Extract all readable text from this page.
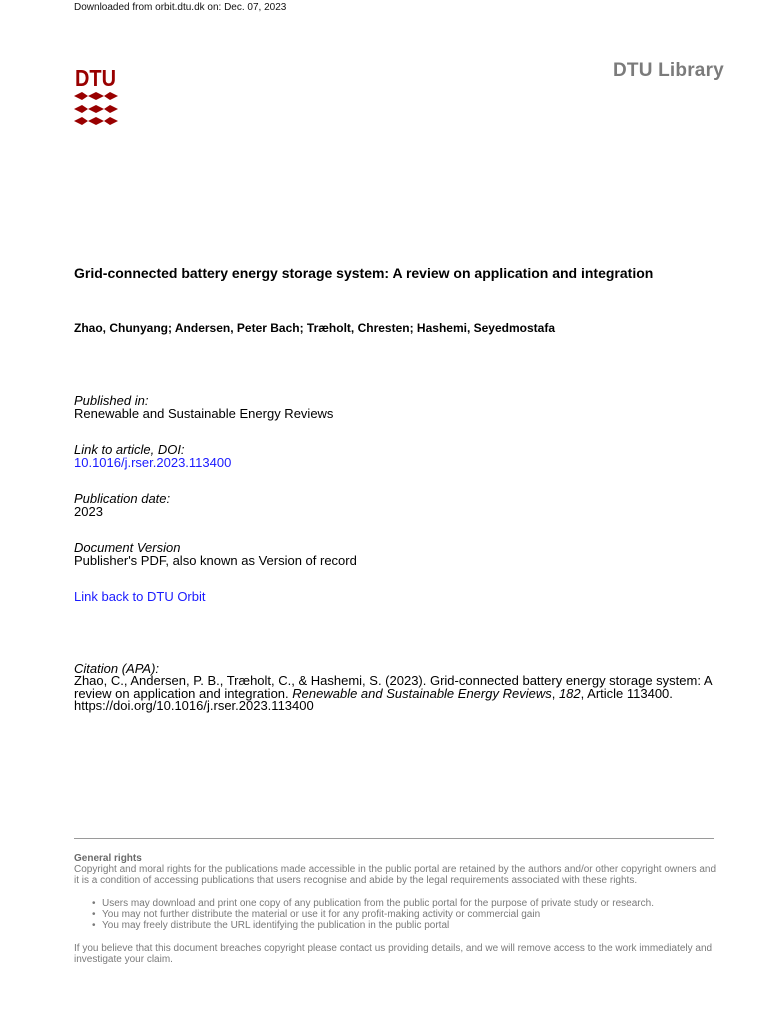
Downloaded from orbit.dtu.dk on: Dec. 07, 2023
DTU	DTU Library
Grid-connected battery energy storage system: A review on application and integration
Zhao, Chunyang; Andersen, Peter Bach; Træholt, Chresten; Hashemi, Seyedmostafa
Published in:
Renewable and Sustainable Energy Reviews
Link to article, DOI:
10.1016/j.rser.2023.113400
Publication date:
2023
Document Version
Publisher's PDF, also known as Version of record
Link back to DTU Orbit
Citation (APA):
Zhao, C., Andersen, P. B., Træholt, C., & Hashemi, S. (2023). Grid-connected battery energy storage system: A review on application and integration. Renewable and Sustainable Energy Reviews, 182, Article 113400. https://doi.org/10.1016/j.rser.2023.113400
General rights
Copyright and moral rights for the publications made accessible in the public portal are retained by the authors and/or other copyright owners and it is a condition of accessing publications that users recognise and abide by the legal requirements associated with these rights.
• Users may download and print one copy of any publication from the public portal for the purpose of private study or research.
• You may not further distribute the material or use it for any profit-making activity or commercial gain
• You may freely distribute the URL identifying the publication in the public portal
If you believe that this document breaches copyright please contact us providing details, and we will remove access to the work immediately and investigate your claim.
